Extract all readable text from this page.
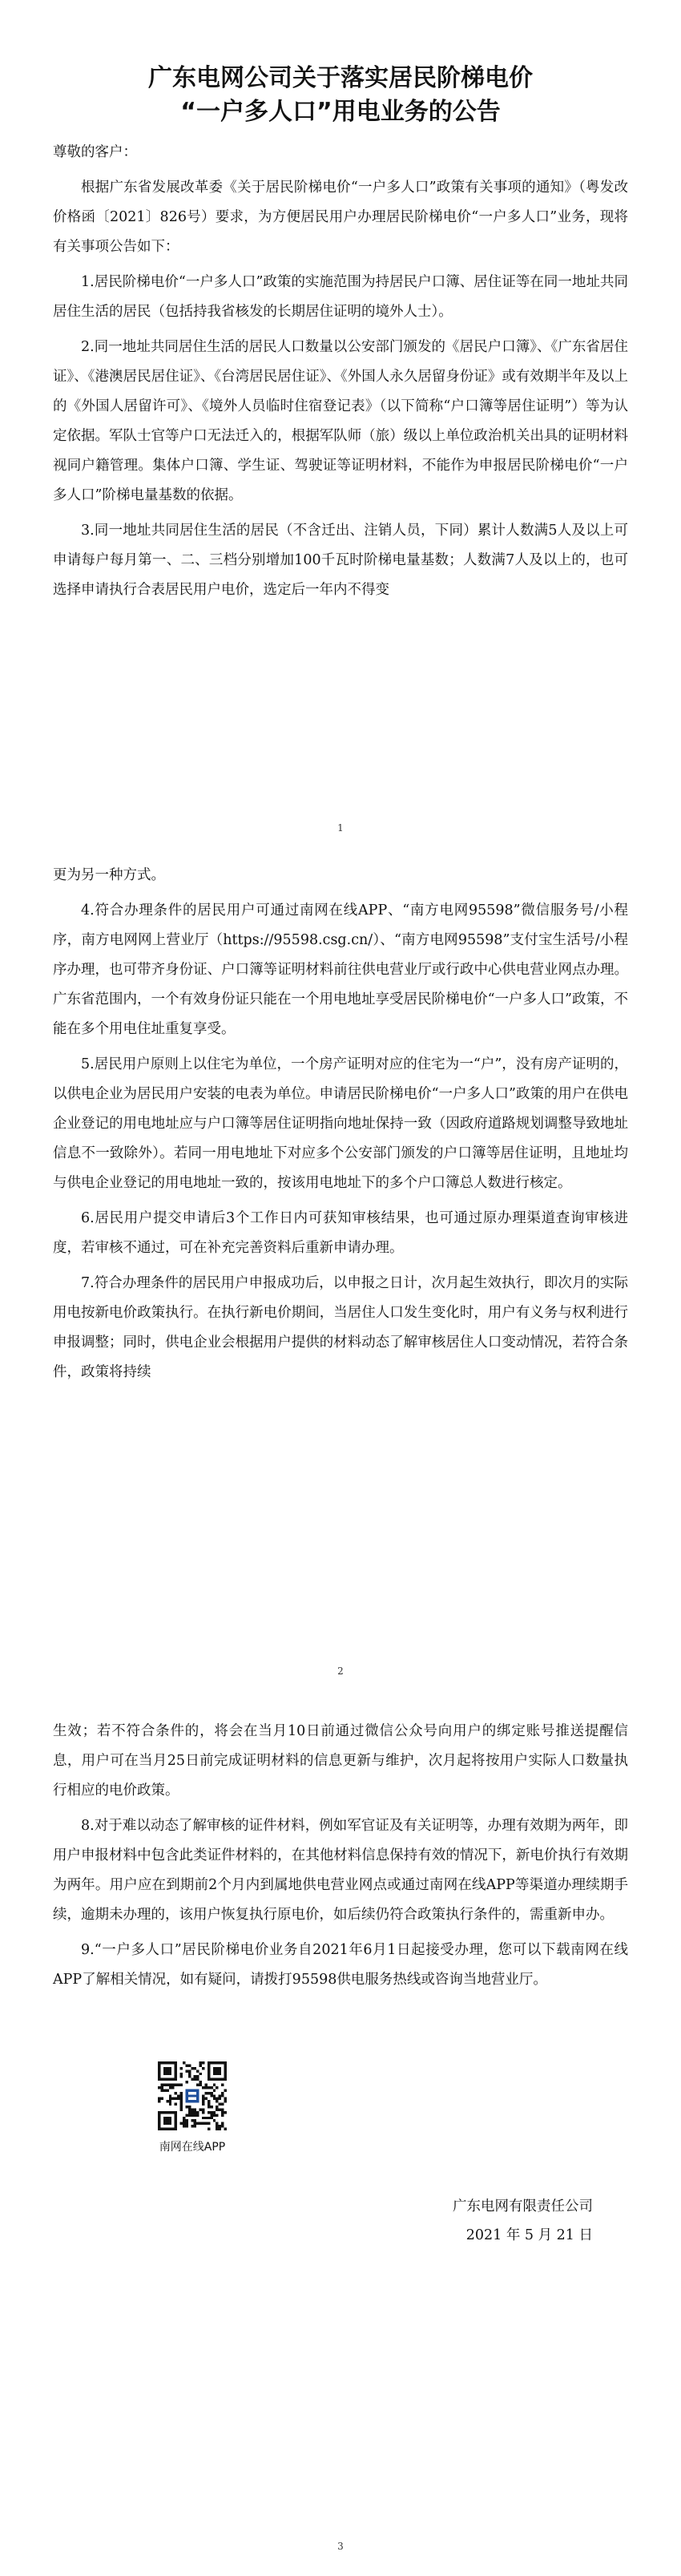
广东电网公司关于落实居民阶梯电价
“一户多人口”用电业务的公告

尊敬的客户：

根据广东省发展改革委《关于居民阶梯电价“一户多人口”政策有关事项的通知》（粤发改价格函〔2021〕826号）要求，为方便居民用户办理居民阶梯电价“一户多人口”业务，现将有关事项公告如下：

1.居民阶梯电价“一户多人口”政策的实施范围为持居民户口簿、居住证等在同一地址共同居住生活的居民（包括持我省核发的长期居住证明的境外人士）。

2.同一地址共同居住生活的居民人口数量以公安部门颁发的《居民户口簿》、《广东省居住证》、《港澳居民居住证》、《台湾居民居住证》、《外国人永久居留身份证》或有效期半年及以上的《外国人居留许可》、《境外人员临时住宿登记表》（以下简称“户口簿等居住证明”）等为认定依据。军队士官等户口无法迁入的，根据军队师（旅）级以上单位政治机关出具的证明材料视同户籍管理。集体户口簿、学生证、驾驶证等证明材料，不能作为申报居民阶梯电价“一户多人口”阶梯电量基数的依据。

3.同一地址共同居住生活的居民（不含迁出、注销人员，下同）累计人数满5人及以上可申请每户每月第一、二、三档分别增加100千瓦时阶梯电量基数；人数满7人及以上的，也可选择申请执行合表居民用户电价，选定后一年内不得变

1

更为另一种方式。

4.符合办理条件的居民用户可通过南网在线APP、“南方电网95598”微信服务号/小程序，南方电网网上营业厅（https://95598.csg.cn/）、“南方电网95598”支付宝生活号/小程序办理，也可带齐身份证、户口簿等证明材料前往供电营业厅或行政中心供电营业网点办理。广东省范围内，一个有效身份证只能在一个用电地址享受居民阶梯电价“一户多人口”政策，不能在多个用电住址重复享受。

5.居民用户原则上以住宅为单位，一个房产证明对应的住宅为一“户”，没有房产证明的，以供电企业为居民用户安装的电表为单位。申请居民阶梯电价“一户多人口”政策的用户在供电企业登记的用电地址应与户口簿等居住证明指向地址保持一致（因政府道路规划调整导致地址信息不一致除外）。若同一用电地址下对应多个公安部门颁发的户口簿等居住证明，且地址均与供电企业登记的用电地址一致的，按该用电地址下的多个户口簿总人数进行核定。

6.居民用户提交申请后3个工作日内可获知审核结果，也可通过原办理渠道查询审核进度，若审核不通过，可在补充完善资料后重新申请办理。

7.符合办理条件的居民用户申报成功后，以申报之日计，次月起生效执行，即次月的实际用电按新电价政策执行。在执行新电价期间，当居住人口发生变化时，用户有义务与权利进行申报调整；同时，供电企业会根据用户提供的材料动态了解审核居住人口变动情况，若符合条件，政策将持续

2

生效；若不符合条件的，将会在当月10日前通过微信公众号向用户的绑定账号推送提醒信息，用户可在当月25日前完成证明材料的信息更新与维护，次月起将按用户实际人口数量执行相应的电价政策。

8.对于难以动态了解审核的证件材料，例如军官证及有关证明等，办理有效期为两年，即用户申报材料中包含此类证件材料的，在其他材料信息保持有效的情况下，新电价执行有效期为两年。用户应在到期前2个月内到属地供电营业网点或通过南网在线APP等渠道办理续期手续，逾期未办理的，该用户恢复执行原电价，如后续仍符合政策执行条件的，需重新申办。

9.“一户多人口”居民阶梯电价业务自2021年6月1日起接受办理，您可以下载南网在线APP了解相关情况，如有疑问，请拨打95598供电服务热线或咨询当地营业厅。

南网在线APP
广东电网有限责任公司
2021 年 5 月 21 日
3
